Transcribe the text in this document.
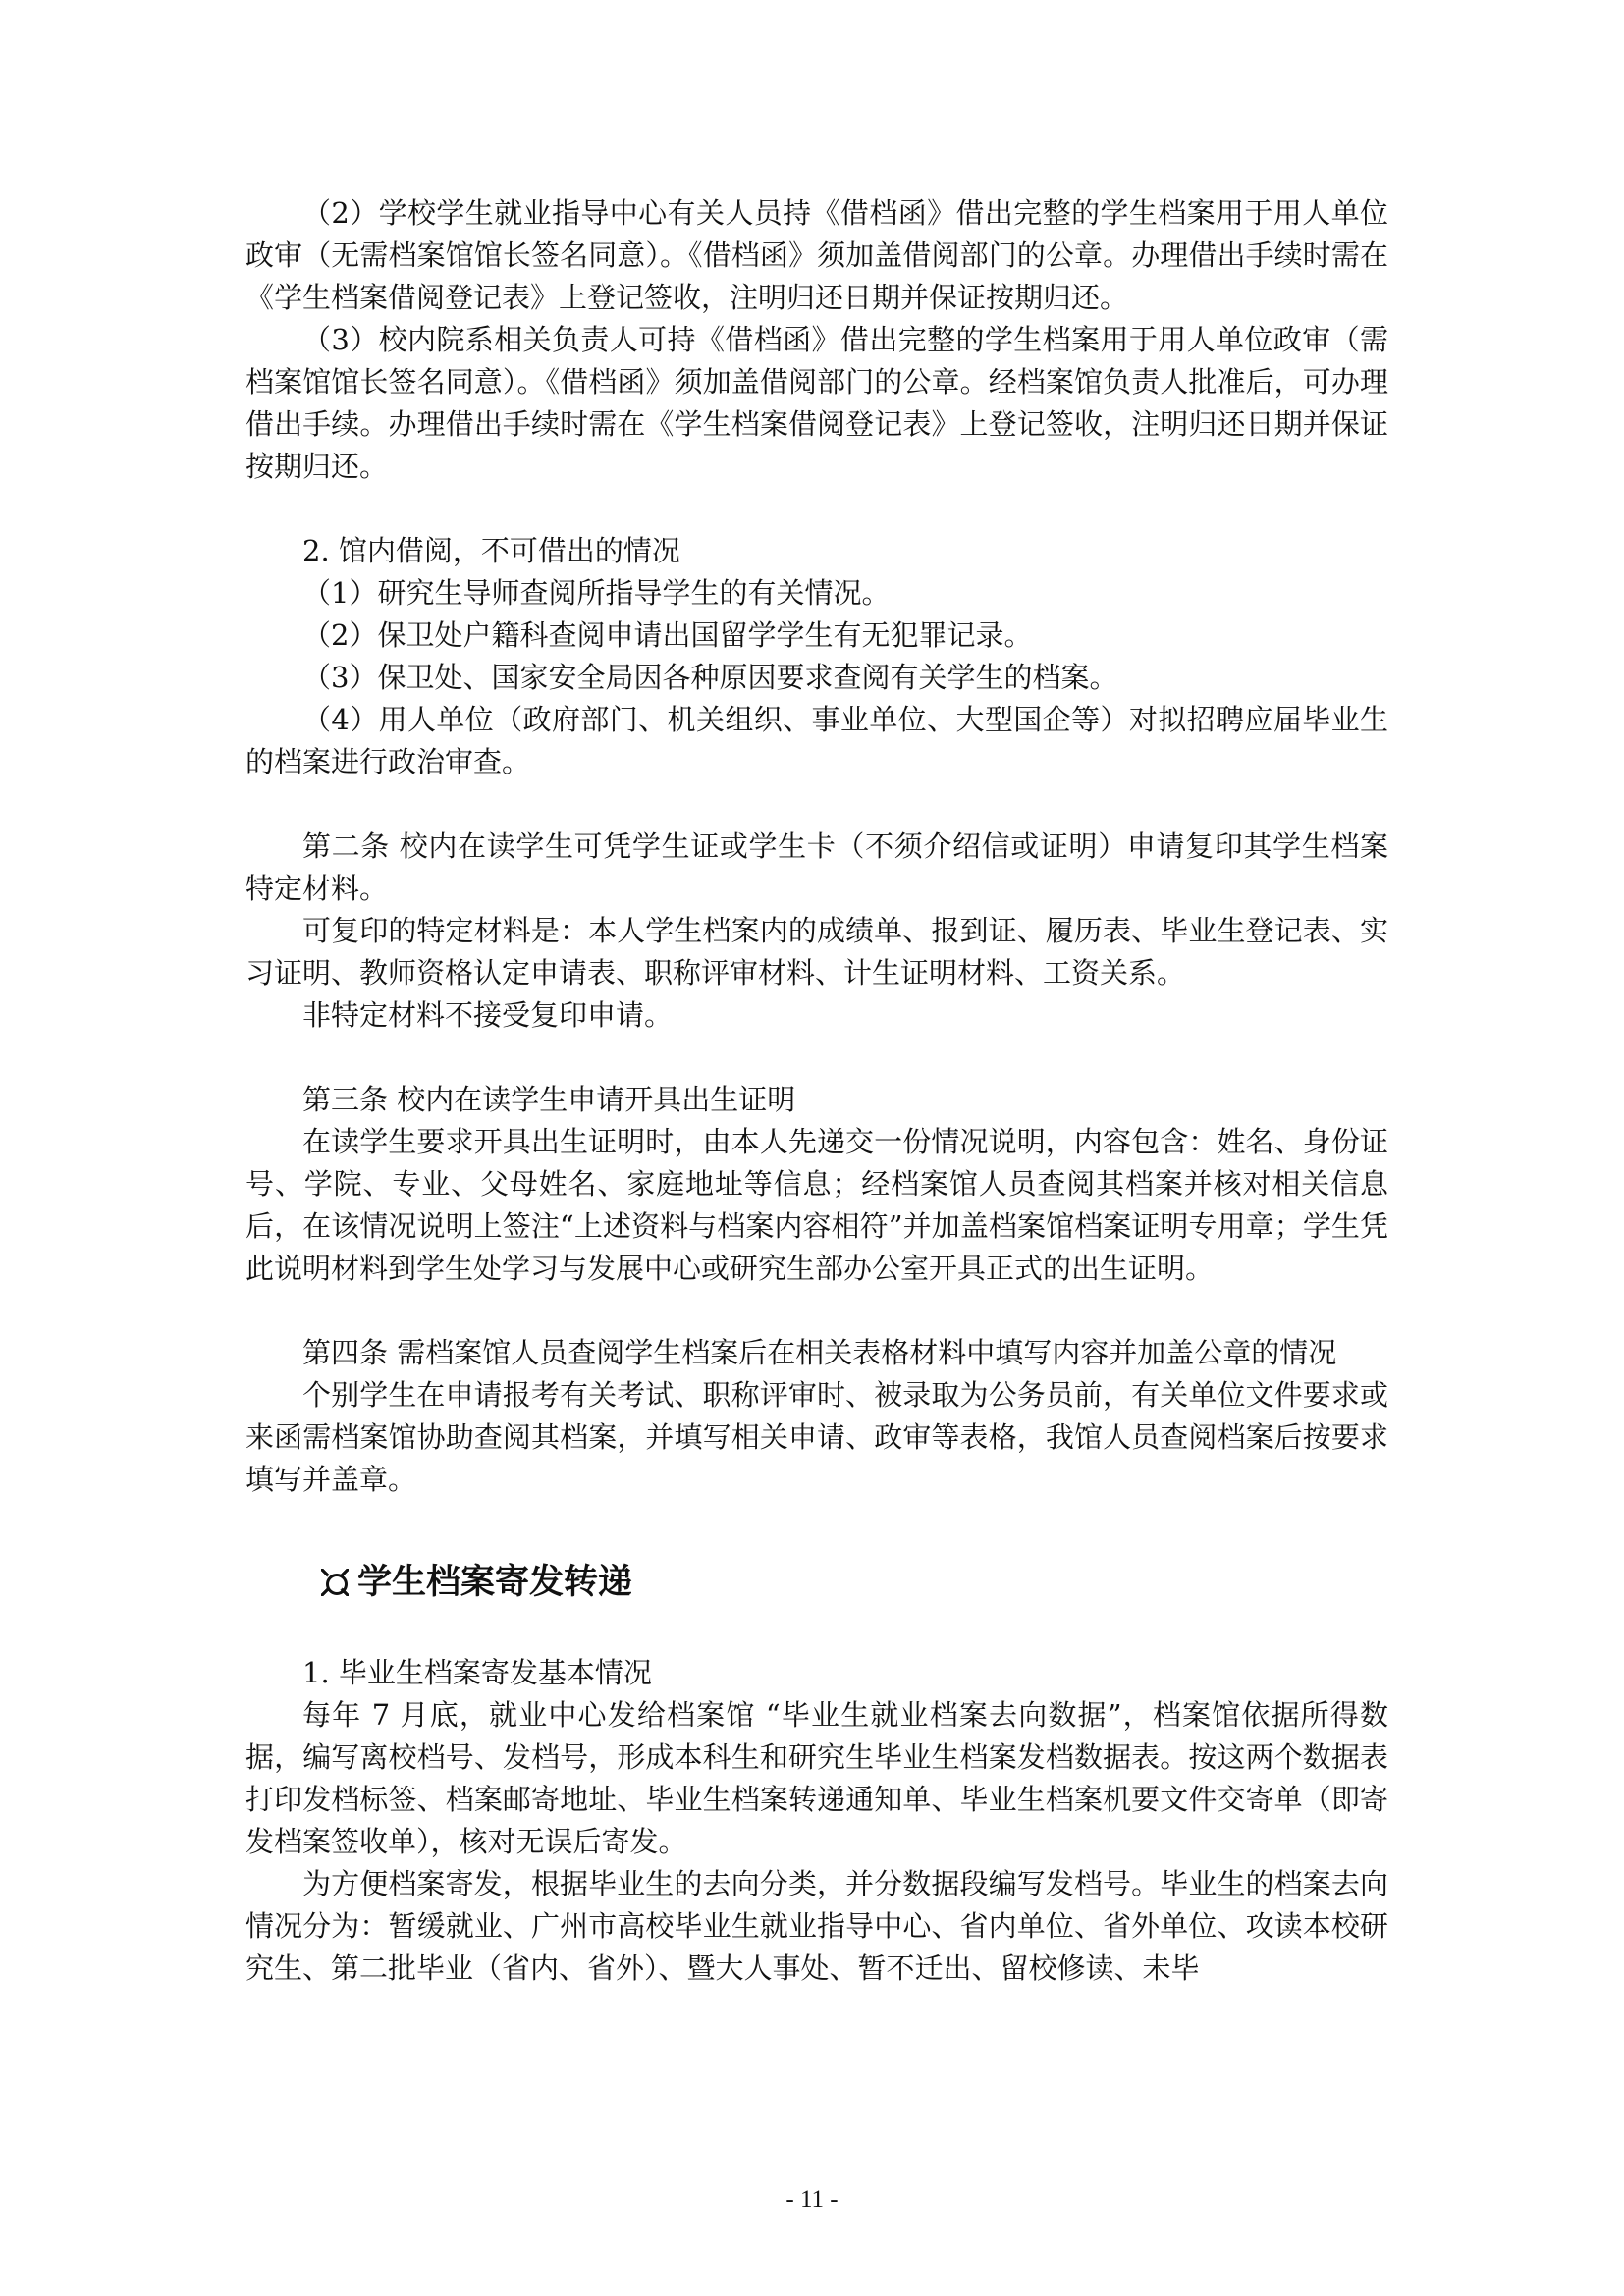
（2）学校学生就业指导中心有关人员持《借档函》借出完整的学生档案用于用人单位政审（无需档案馆馆长签名同意）。《借档函》须加盖借阅部门的公章。办理借出手续时需在《学生档案借阅登记表》上登记签收，注明归还日期并保证按期归还。

（3）校内院系相关负责人可持《借档函》借出完整的学生档案用于用人单位政审（需档案馆馆长签名同意）。《借档函》须加盖借阅部门的公章。经档案馆负责人批准后，可办理借出手续。办理借出手续时需在《学生档案借阅登记表》上登记签收，注明归还日期并保证按期归还。

2. 馆内借阅，不可借出的情况

（1）研究生导师查阅所指导学生的有关情况。

（2）保卫处户籍科查阅申请出国留学学生有无犯罪记录。

（3）保卫处、国家安全局因各种原因要求查阅有关学生的档案。

（4）用人单位（政府部门、机关组织、事业单位、大型国企等）对拟招聘应届毕业生的档案进行政治审查。

第二条 校内在读学生可凭学生证或学生卡（不须介绍信或证明）申请复印其学生档案特定材料。

可复印的特定材料是：本人学生档案内的成绩单、报到证、履历表、毕业生登记表、实习证明、教师资格认定申请表、职称评审材料、计生证明材料、工资关系。

非特定材料不接受复印申请。

第三条 校内在读学生申请开具出生证明

在读学生要求开具出生证明时，由本人先递交一份情况说明，内容包含：姓名、身份证号、学院、专业、父母姓名、家庭地址等信息；经档案馆人员查阅其档案并核对相关信息后，在该情况说明上签注“上述资料与档案内容相符”并加盖档案馆档案证明专用章；学生凭此说明材料到学生处学习与发展中心或研究生部办公室开具正式的出生证明。

第四条 需档案馆人员查阅学生档案后在相关表格材料中填写内容并加盖公章的情况

个别学生在申请报考有关考试、职称评审时、被录取为公务员前，有关单位文件要求或来函需档案馆协助查阅其档案，并填写相关申请、政审等表格，我馆人员查阅档案后按要求填写并盖章。

学生档案寄发转递

1. 毕业生档案寄发基本情况

每年 7 月底，就业中心发给档案馆 “毕业生就业档案去向数据”，档案馆依据所得数据，编写离校档号、发档号，形成本科生和研究生毕业生档案发档数据表。按这两个数据表打印发档标签、档案邮寄地址、毕业生档案转递通知单、毕业生档案机要文件交寄单（即寄发档案签收单），核对无误后寄发。

为方便档案寄发，根据毕业生的去向分类，并分数据段编写发档号。毕业生的档案去向情况分为：暂缓就业、广州市高校毕业生就业指导中心、省内单位、省外单位、攻读本校研究生、第二批毕业（省内、省外）、暨大人事处、暂不迁出、留校修读、未毕

- 11 -
